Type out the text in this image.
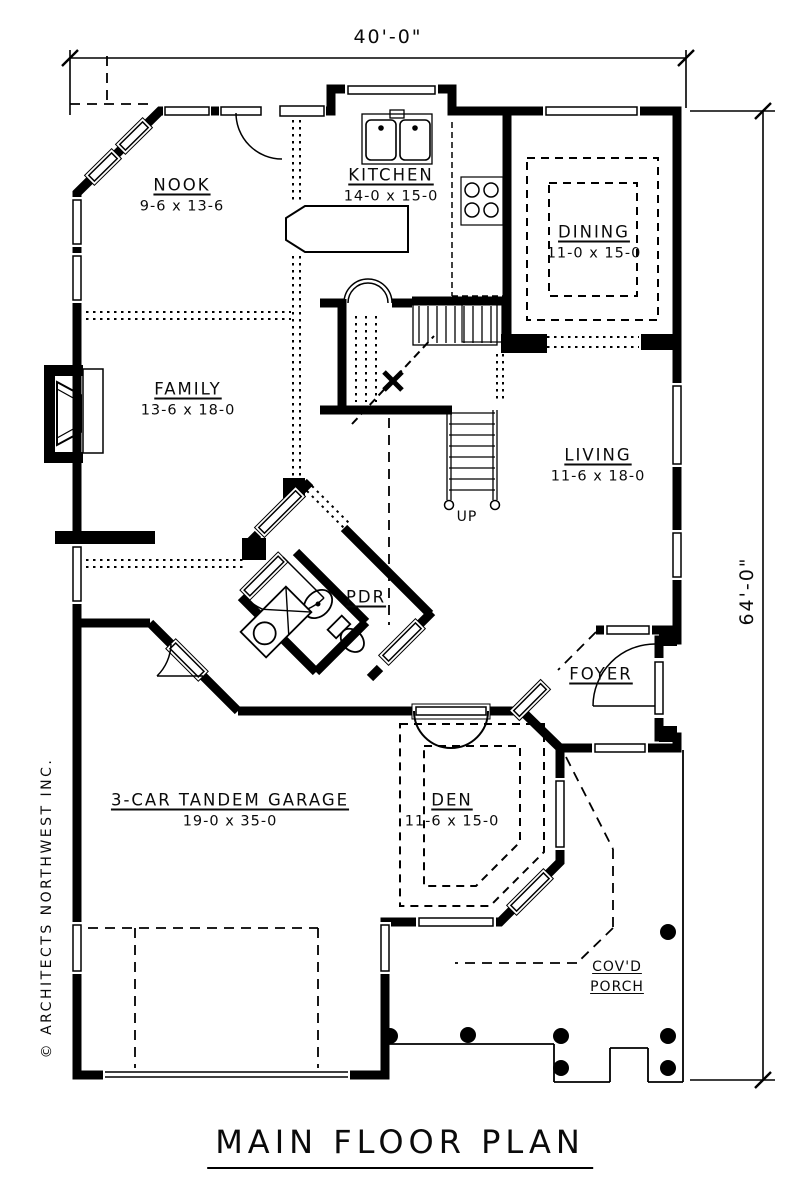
40'-0"
64'-0"
NOOK
9-6 x 13-6
KITCHEN
14-0 x 15-0
DINING
11-0 x 15-0
FAMILY
13-6 x 18-0
LIVING
11-6 x 18-0
PDR
FOYER
DEN
11-6 x 15-0
3-CAR TANDEM GARAGE
19-0 x 35-0
UP
COV'D
PORCH
© ARCHITECTS NORTHWEST INC.
MAIN FLOOR PLAN
